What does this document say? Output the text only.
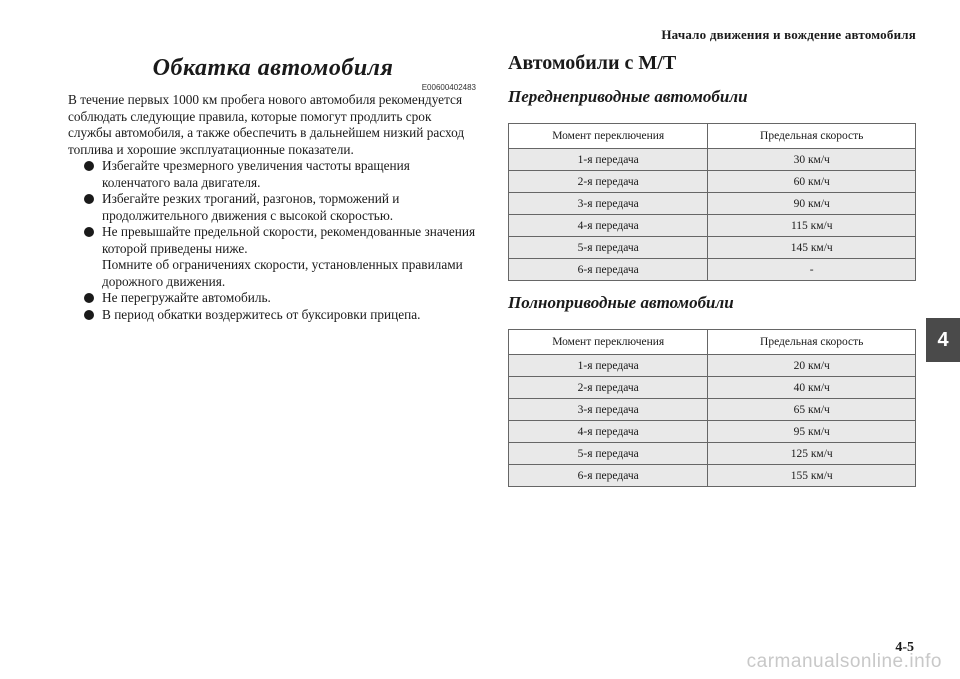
Начало движения и вождение автомобиля
4
Обкатка автомобиля
E00600402483

В течение первых 1000 км пробега нового автомобиля рекомендуется соблюдать следующие правила, которые помогут продлить срок службы автомобиля, а также обеспечить в дальнейшем низкий расход топлива и хорошие эксплуатационные показатели.

Избегайте чрезмерного увеличения частоты вращения коленчатого вала двигателя.
Избегайте резких троганий, разгонов, торможений и продолжительного движения с высокой скоростью.
Не превышайте предельной скорости, рекомендованные значения которой приведены ниже.
Помните об ограничениях скорости, установленных правилами дорожного движения.
Не перегружайте автомобиль.
В период обкатки воздержитесь от буксировки прицепа.
Автомобили с М/Т
Переднеприводные автомобили
Момент переключения	Предельная скорость
1-я передача	30 км/ч
2-я передача	60 км/ч
3-я передача	90 км/ч
4-я передача	115 км/ч
5-я передача	145 км/ч
6-я передача	-
Полноприводные автомобили
Момент переключения	Предельная скорость
1-я передача	20 км/ч
2-я передача	40 км/ч
3-я передача	65 км/ч
4-я передача	95 км/ч
5-я передача	125 км/ч
6-я передача	155 км/ч
4-5
carmanualsonline.info
